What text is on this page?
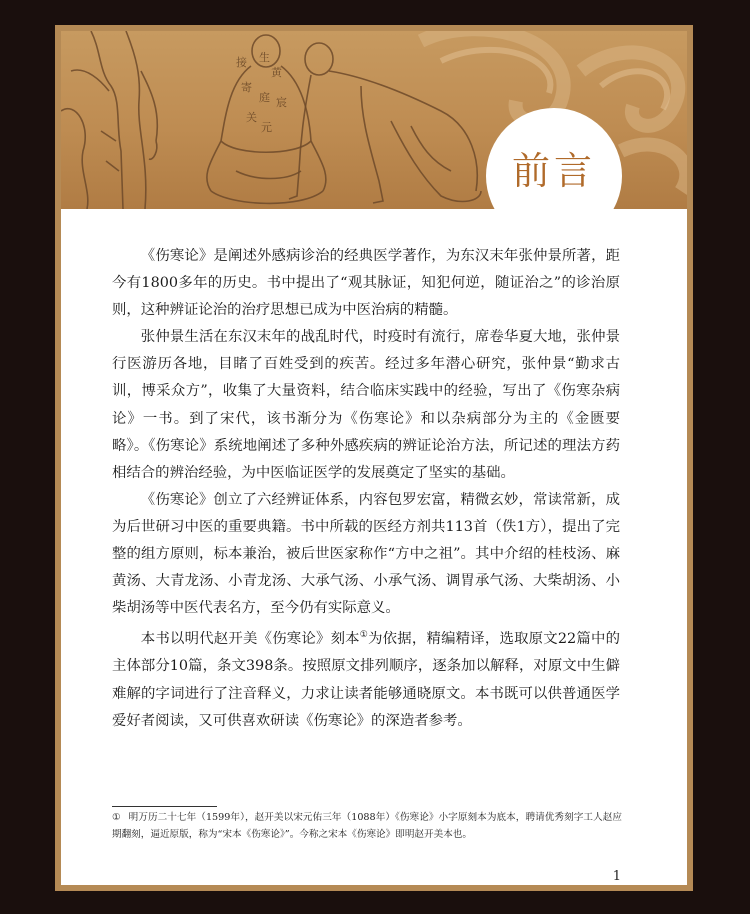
接 生
黄
寄
庭 宸
关
元
前言

《伤寒论》是阐述外感病诊治的经典医学著作，为东汉末年张仲景所著，距今有1800多年的历史。书中提出了“观其脉证，知犯何逆，随证治之”的诊治原则，这种辨证论治的治疗思想已成为中医治病的精髓。

张仲景生活在东汉末年的战乱时代，时疫时有流行，席卷华夏大地，张仲景行医游历各地，目睹了百姓受到的疾苦。经过多年潜心研究，张仲景“勤求古训，博采众方”，收集了大量资料，结合临床实践中的经验，写出了《伤寒杂病论》一书。到了宋代，该书渐分为《伤寒论》和以杂病部分为主的《金匮要略》。《伤寒论》系统地阐述了多种外感疾病的辨证论治方法，所记述的理法方药相结合的辨治经验，为中医临证医学的发展奠定了坚实的基础。

《伤寒论》创立了六经辨证体系，内容包罗宏富，精微玄妙，常读常新，成为后世研习中医的重要典籍。书中所载的医经方剂共113首（佚1方），提出了完整的组方原则，标本兼治，被后世医家称作“方中之祖”。其中介绍的桂枝汤、麻黄汤、大青龙汤、小青龙汤、大承气汤、小承气汤、调胃承气汤、大柴胡汤、小柴胡汤等中医代表名方，至今仍有实际意义。

本书以明代赵开美《伤寒论》刻本①为依据，精编精译，选取原文22篇中的主体部分10篇，条文398条。按照原文排列顺序，逐条加以解释，对原文中生僻难解的字词进行了注音释义，力求让读者能够通晓原文。本书既可以供普通医学爱好者阅读，又可供喜欢研读《伤寒论》的深造者参考。

① 明万历二十七年（1599年），赵开美以宋元佑三年（1088年）《伤寒论》小字原刻本为底本，聘请优秀刻字工人赵应期翻刻，逼近原版，称为“宋本《伤寒论》”。今称之宋本《伤寒论》即明赵开美本也。
1
